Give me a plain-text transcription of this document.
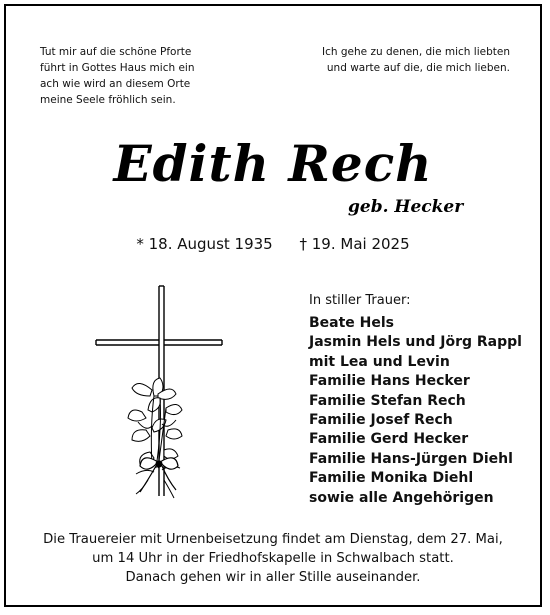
Tut mir auf die schöne Pforte
führt in Gottes Haus mich ein
ach wie wird an diesem Orte
meine Seele fröhlich sein.
Ich gehe zu denen, die mich liebten
und warte auf die, die mich lieben.
Edith Rech
geb. Hecker
* 18. August 1935 † 19. Mai 2025
In stiller Trauer:
Beate Hels
Jasmin Hels und Jörg Rappl
mit Lea und Levin
Familie Hans Hecker
Familie Stefan Rech
Familie Josef Rech
Familie Gerd Hecker
Familie Hans-Jürgen Diehl
Familie Monika Diehl
sowie alle Angehörigen
Die Trauereier mit Urnenbeisetzung findet am Dienstag, dem 27. Mai,
um 14 Uhr in der Friedhofskapelle in Schwalbach statt.
Danach gehen wir in aller Stille auseinander.
